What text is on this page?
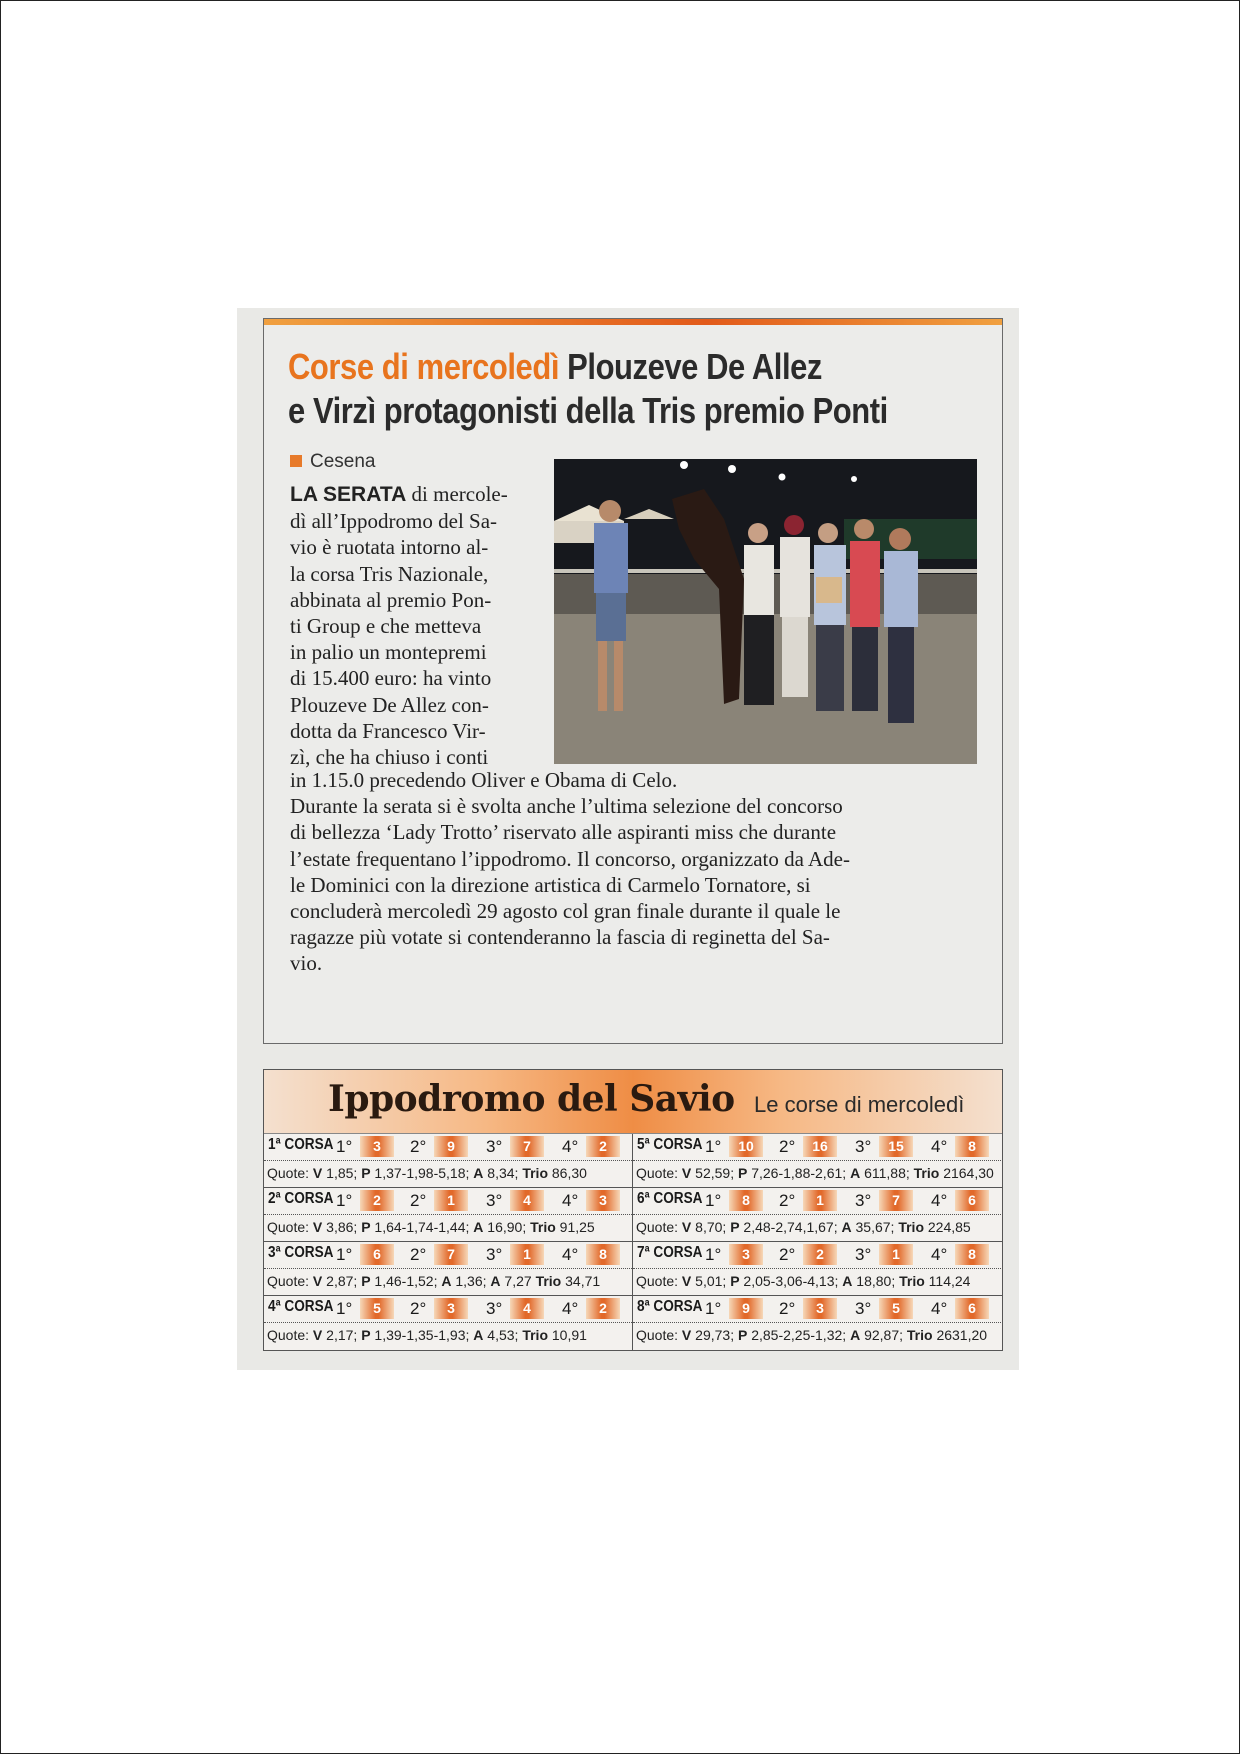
Corse di mercoledì Plouzeve De Allez
e Virzì protagonisti della Tris premio Ponti
Cesena
LA SERATA di mercole-
dì all’Ippodromo del Sa-
vio è ruotata intorno al-
la corsa Tris Nazionale,
abbinata al premio Pon-
ti Group e che metteva
in palio un montepremi
di 15.400 euro: ha vinto
Plouzeve De Allez con-
dotta da Francesco Vir-
zì, che ha chiuso i conti
in 1.15.0 precedendo Oliver e Obama di Celo.
Durante la serata si è svolta anche l’ultima selezione del concorso
di bellezza ‘Lady Trotto’ riservato alle aspiranti miss che durante
l’estate frequentano l’ippodromo. Il concorso, organizzato da Ade-
le Dominici con la direzione artistica di Carmelo Tornatore, si
concluderà mercoledì 29 agosto col gran finale durante il quale le
ragazze più votate si contenderanno la fascia di reginetta del Sa-
vio.
Ippodromo del Savio Le corse di mercoledì
1ª CORSA 1°	3	2°	9	3°	7	4°	2
Quote: V 1,85; P 1,37-1,98-5,18; A 8,34; Trio 86,30
5ª CORSA 1°	10	2°	16	3°	15	4°	8
Quote: V 52,59; P 7,26-1,88-2,61; A 611,88; Trio 2164,30
2ª CORSA 1°	2	2°	1	3°	4	4°	3
Quote: V 3,86; P 1,64-1,74-1,44; A 16,90; Trio 91,25
6ª CORSA 1°	8	2°	1	3°	7	4°	6
Quote: V 8,70; P 2,48-2,74,1,67; A 35,67; Trio 224,85
3ª CORSA 1°	6	2°	7	3°	1	4°	8
Quote: V 2,87; P 1,46-1,52; A 1,36; A 7,27 Trio 34,71
7ª CORSA 1°	3	2°	2	3°	1	4°	8
Quote: V 5,01; P 2,05-3,06-4,13; A 18,80; Trio 114,24
4ª CORSA 1°	5	2°	3	3°	4	4°	2
Quote: V 2,17; P 1,39-1,35-1,93; A 4,53; Trio 10,91
8ª CORSA 1°	9	2°	3	3°	5	4°	6
Quote: V 29,73; P 2,85-2,25-1,32; A 92,87; Trio 2631,20
